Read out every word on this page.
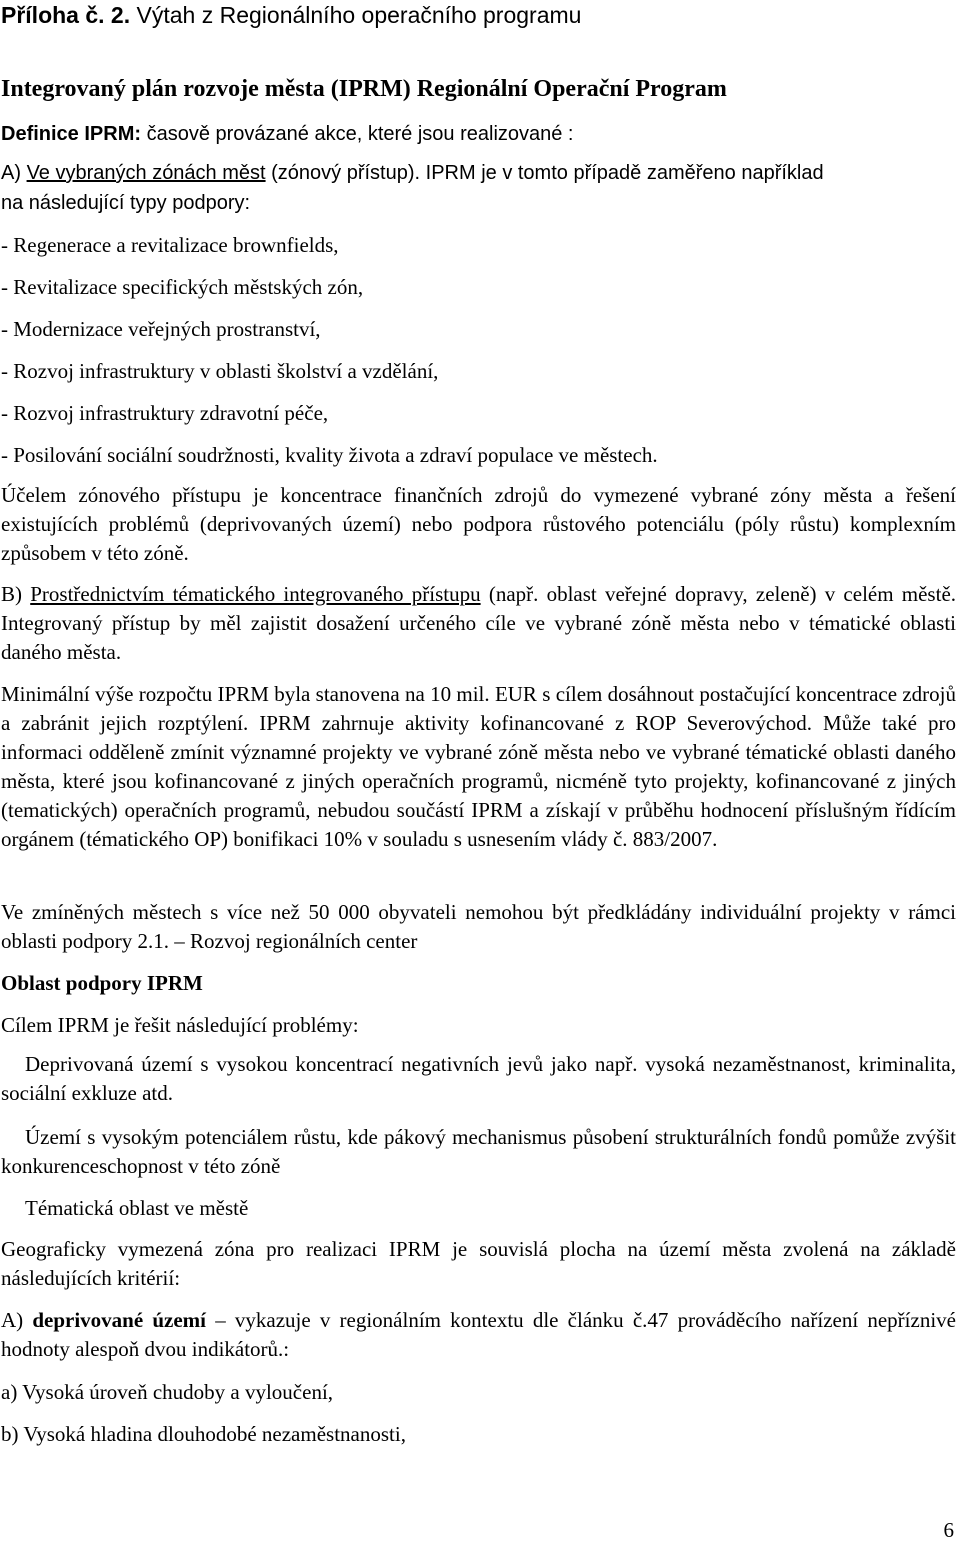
Příloha č. 2. Výtah z Regionálního operačního programu

Integrovaný plán rozvoje města (IPRM) Regionální Operační Program

Definice IPRM: časově provázané akce, které jsou realizované :

A) Ve vybraných zónách měst (zónový přístup). IPRM je v tomto případě zaměřeno například

na následující typy podpory:

- Regenerace a revitalizace brownfields,

- Revitalizace specifických městských zón,

- Modernizace veřejných prostranství,

- Rozvoj infrastruktury v oblasti školství a vzdělání,

- Rozvoj infrastruktury zdravotní péče,

- Posilování sociální soudržnosti, kvality života a zdraví populace ve městech.

Účelem zónového přístupu je koncentrace finančních zdrojů do vymezené vybrané zóny města a řešení existujících problémů (deprivovaných území) nebo podpora růstového potenciálu (póly růstu) komplexním způsobem v této zóně.

B) Prostřednictvím tématického integrovaného přístupu (např. oblast veřejné dopravy, zeleně) v celém městě. Integrovaný přístup by měl zajistit dosažení určeného cíle ve vybrané zóně města nebo v tématické oblasti daného města.

Minimální výše rozpočtu IPRM byla stanovena na 10 mil. EUR s cílem dosáhnout postačující koncentrace zdrojů a zabránit jejich rozptýlení. IPRM zahrnuje aktivity kofinancované z ROP Severovýchod. Může také pro informaci odděleně zmínit významné projekty ve vybrané zóně města nebo ve vybrané tématické oblasti daného města, které jsou kofinancované z jiných operačních programů, nicméně tyto projekty, kofinancované z jiných (tematických) operačních programů, nebudou součástí IPRM a získají v průběhu hodnocení příslušným řídícím orgánem (tématického OP) bonifikaci 10% v souladu s usnesením vlády č. 883/2007.

Ve zmíněných městech s více než 50 000 obyvateli nemohou být předkládány individuální projekty v rámci oblasti podpory 2.1. – Rozvoj regionálních center

Oblast podpory IPRM

Cílem IPRM je řešit následující problémy:

Deprivovaná území s vysokou koncentrací negativních jevů jako např. vysoká nezaměstnanost, kriminalita, sociální exkluze atd.

Území s vysokým potenciálem růstu, kde pákový mechanismus působení strukturálních fondů pomůže zvýšit konkurenceschopnost v této zóně

Tématická oblast ve městě

Geograficky vymezená zóna pro realizaci IPRM je souvislá plocha na území města zvolená na základě následujících kritérií:

A) deprivované území – vykazuje v regionálním kontextu dle článku č.47 prováděcího nařízení nepříznivé hodnoty alespoň dvou indikátorů.:

a) Vysoká úroveň chudoby a vyloučení,

b) Vysoká hladina dlouhodobé nezaměstnanosti,

6
